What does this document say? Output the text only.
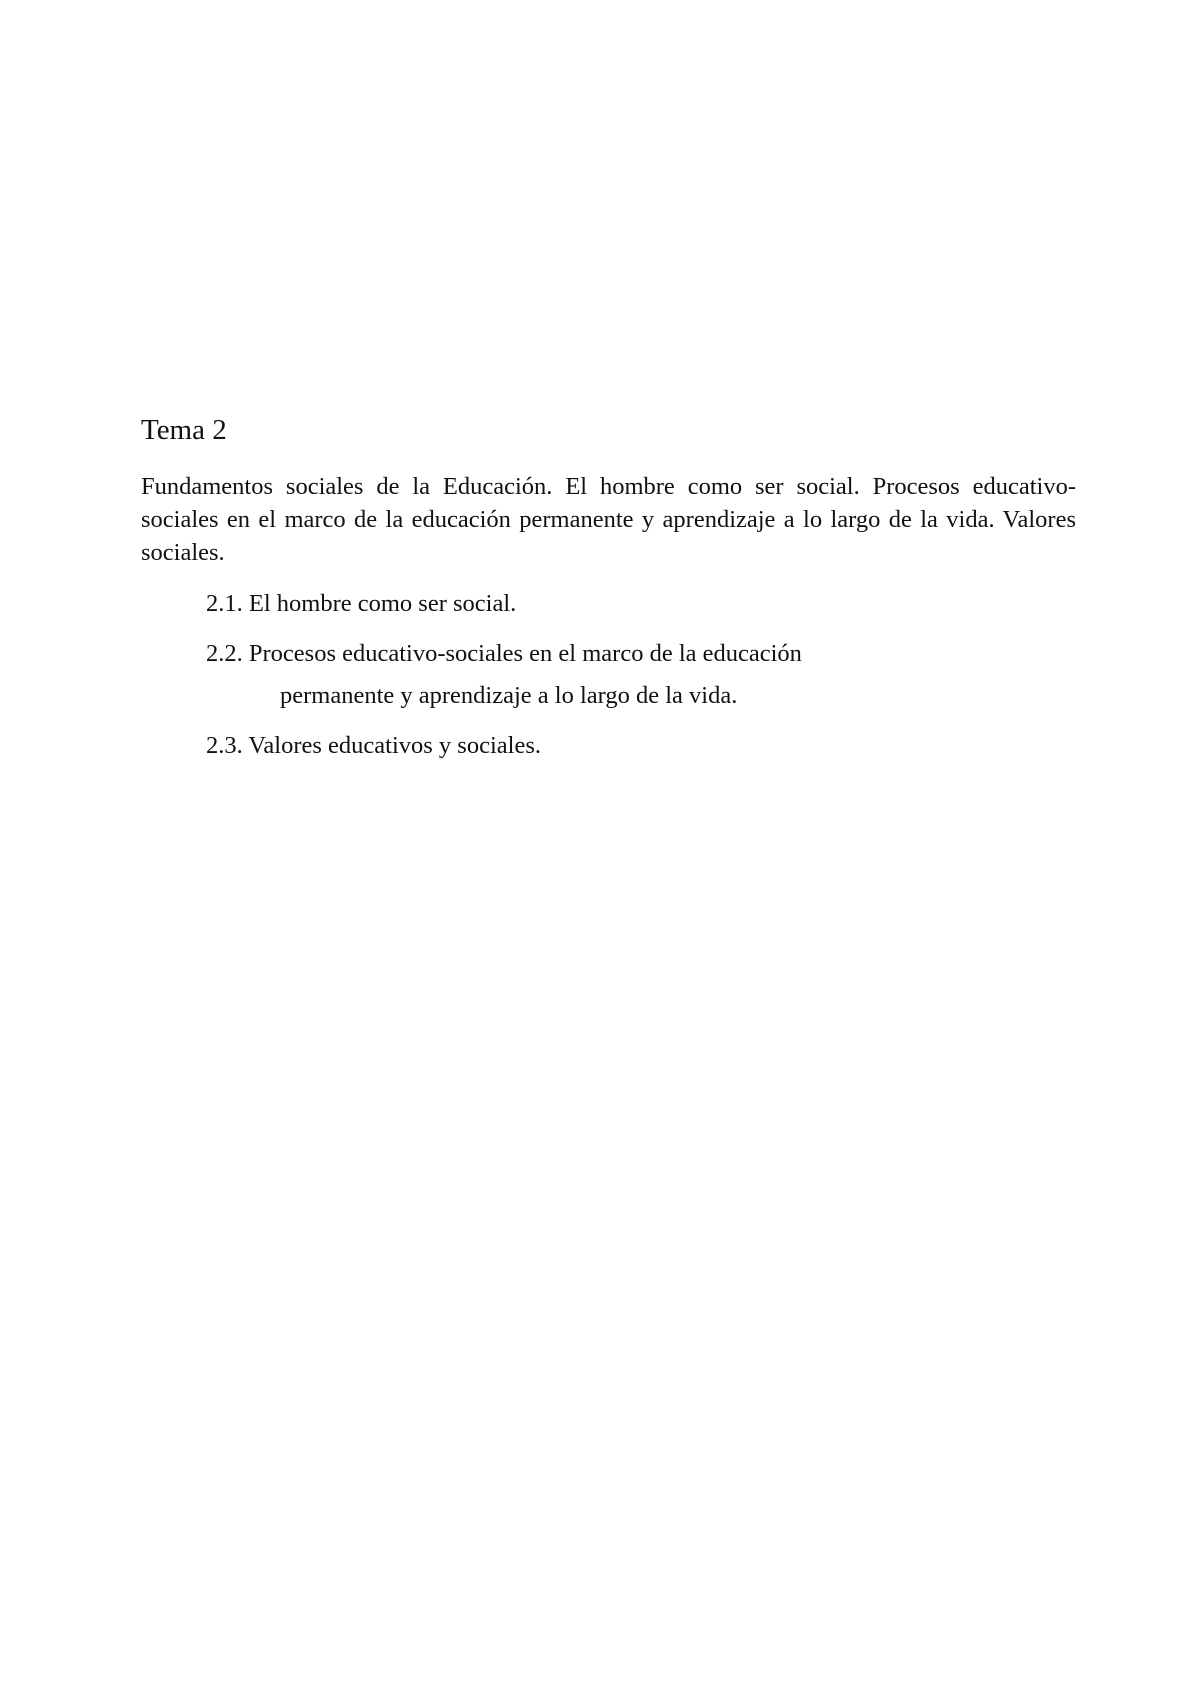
Tema 2

Fundamentos sociales de la Educación. El hombre como ser social. Procesos educativo-sociales en el marco de la educación permanente y aprendizaje a lo largo de la vida. Valores sociales.

2.1. El hombre como ser social.
2.2. Procesos educativo-sociales en el marco de la educación
permanente y aprendizaje a lo largo de la vida.
2.3. Valores educativos y sociales.
